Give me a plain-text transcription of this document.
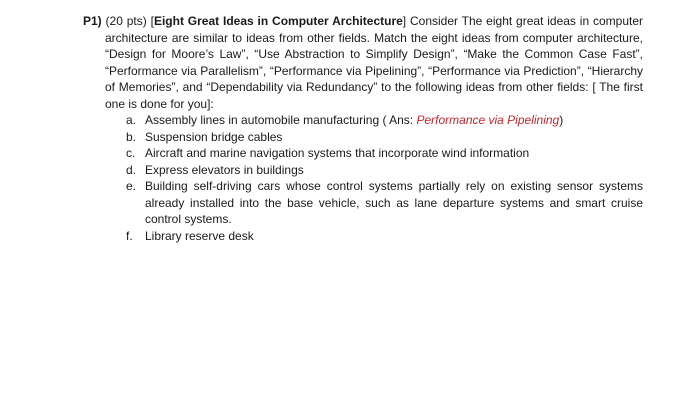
P1) (20 pts) [Eight Great Ideas in Computer Architecture] Consider The eight great ideas in computer architecture are similar to ideas from other fields. Match the eight ideas from computer architecture, “Design for Moore’s Law”, “Use Abstraction to Simplify Design”, “Make the Common Case Fast”, “Performance via Parallelism”, “Performance via Pipelining”, “Performance via Prediction”, “Hierarchy of Memories”, and “Dependability via Redundancy” to the following ideas from other fields: [ The first one is done for you]:

a. Assembly lines in automobile manufacturing ( Ans: Performance via Pipelining)
b. Suspension bridge cables
c. Aircraft and marine navigation systems that incorporate wind information
d. Express elevators in buildings
e. Building self-driving cars whose control systems partially rely on existing sensor systems already installed into the base vehicle, such as lane departure systems and smart cruise control systems.
f. Library reserve desk
